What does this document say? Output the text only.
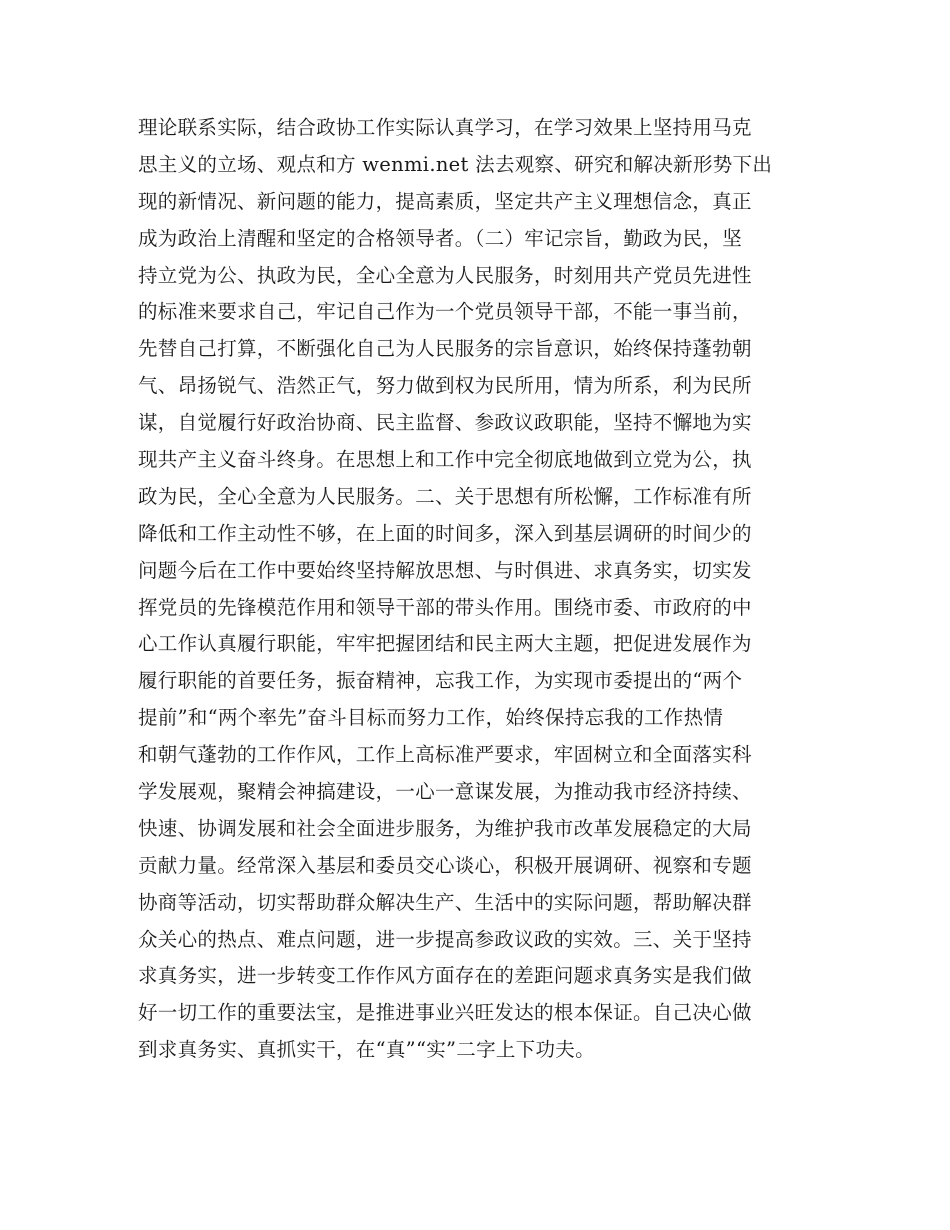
理论联系实际，结合政协工作实际认真学习，在学习效果上坚持用马克
思主义的立场、观点和方 wenmi.net 法去观察、研究和解决新形势下出
现的新情况、新问题的能力，提高素质，坚定共产主义理想信念，真正
成为政治上清醒和坚定的合格领导者。（二）牢记宗旨，勤政为民，坚
持立党为公、执政为民，全心全意为人民服务，时刻用共产党员先进性
的标准来要求自己，牢记自己作为一个党员领导干部，不能一事当前，
先替自己打算，不断强化自己为人民服务的宗旨意识，始终保持蓬勃朝
气、昂扬锐气、浩然正气，努力做到权为民所用，情为所系，利为民所
谋，自觉履行好政治协商、民主监督、参政议政职能，坚持不懈地为实
现共产主义奋斗终身。在思想上和工作中完全彻底地做到立党为公，执
政为民，全心全意为人民服务。二、关于思想有所松懈，工作标准有所
降低和工作主动性不够，在上面的时间多，深入到基层调研的时间少的
问题今后在工作中要始终坚持解放思想、与时俱进、求真务实，切实发
挥党员的先锋模范作用和领导干部的带头作用。围绕市委、市政府的中
心工作认真履行职能，牢牢把握团结和民主两大主题，把促进发展作为
履行职能的首要任务，振奋精神，忘我工作，为实现市委提出的“两个
提前”和“两个率先”奋斗目标而努力工作，始终保持忘我的工作热情
和朝气蓬勃的工作作风，工作上高标准严要求，牢固树立和全面落实科
学发展观，聚精会神搞建设，一心一意谋发展，为推动我市经济持续、
快速、协调发展和社会全面进步服务，为维护我市改革发展稳定的大局
贡献力量。经常深入基层和委员交心谈心，积极开展调研、视察和专题
协商等活动，切实帮助群众解决生产、生活中的实际问题，帮助解决群
众关心的热点、难点问题，进一步提高参政议政的实效。三、关于坚持
求真务实，进一步转变工作作风方面存在的差距问题求真务实是我们做
好一切工作的重要法宝，是推进事业兴旺发达的根本保证。自己决心做
到求真务实、真抓实干，在“真”“实”二字上下功夫。
